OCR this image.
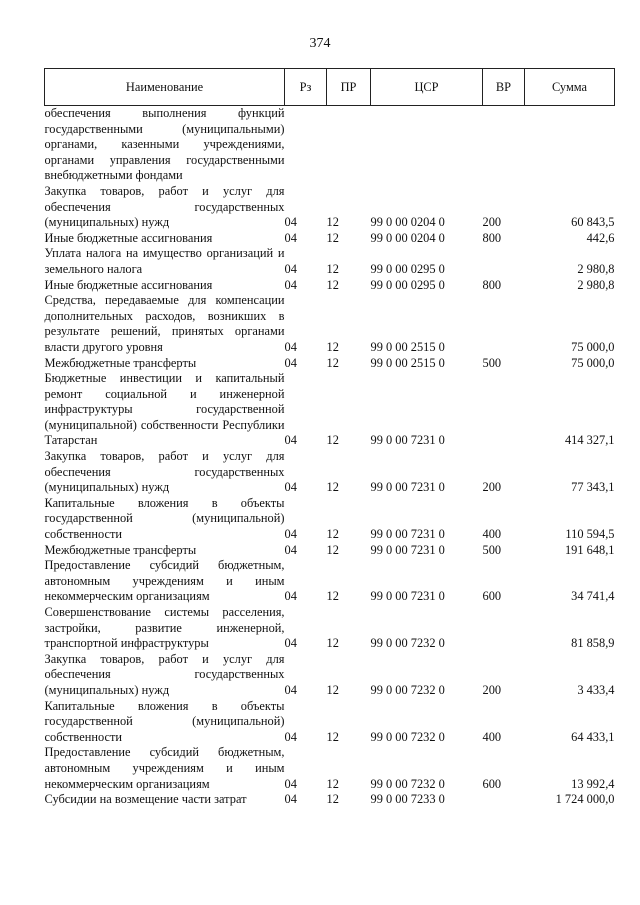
374
Наименование	Рз	ПР	ЦСР	ВР	Сумма
обеспечения выполнения функций государственными (муниципальными) органами, казенными учреждениями, органами управления государственными внебюджетными фондами					
Закупка товаров, работ и услуг для обеспечения государственных (муниципальных) нужд	04	12	99 0 00 0204 0	200	60 843,5
Иные бюджетные ассигнования	04	12	99 0 00 0204 0	800	442,6
Уплата налога на имущество организаций и земельного налога	04	12	99 0 00 0295 0		2 980,8
Иные бюджетные ассигнования	04	12	99 0 00 0295 0	800	2 980,8
Средства, передаваемые для компенсации дополнительных расходов, возникших в результате решений, принятых органами власти другого уровня	04	12	99 0 00 2515 0		75 000,0
Межбюджетные трансферты	04	12	99 0 00 2515 0	500	75 000,0
Бюджетные инвестиции и капитальный ремонт социальной и инженерной инфраструктуры государственной (муниципальной) собственности Республики Татарстан	04	12	99 0 00 7231 0		414 327,1
Закупка товаров, работ и услуг для обеспечения государственных (муниципальных) нужд	04	12	99 0 00 7231 0	200	77 343,1
Капитальные вложения в объекты государственной (муниципальной) собственности	04	12	99 0 00 7231 0	400	110 594,5
Межбюджетные трансферты	04	12	99 0 00 7231 0	500	191 648,1
Предоставление субсидий бюджетным, автономным учреждениям и иным некоммерческим организациям	04	12	99 0 00 7231 0	600	34 741,4
Совершенствование системы расселения, застройки, развитие инженерной, транспортной инфраструктуры	04	12	99 0 00 7232 0		81 858,9
Закупка товаров, работ и услуг для обеспечения государственных (муниципальных) нужд	04	12	99 0 00 7232 0	200	3 433,4
Капитальные вложения в объекты государственной (муниципальной) собственности	04	12	99 0 00 7232 0	400	64 433,1
Предоставление субсидий бюджетным, автономным учреждениям и иным некоммерческим организациям	04	12	99 0 00 7232 0	600	13 992,4
Субсидии на возмещение части затрат	04	12	99 0 00 7233 0		1 724 000,0
